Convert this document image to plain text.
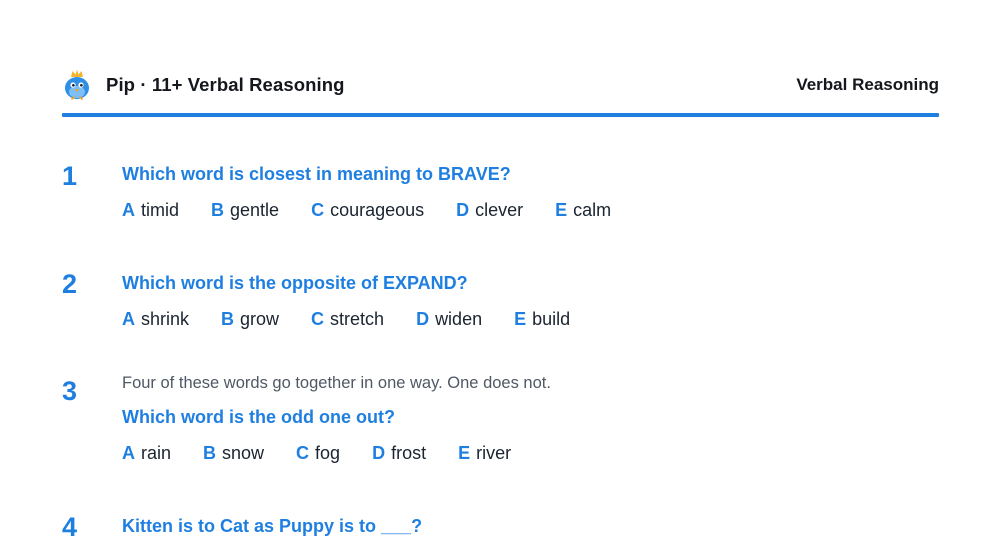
Pip · 11+ Verbal Reasoning	Verbal Reasoning
1 Which word is closest in meaning to BRAVE?
A timid B gentle C courageous D clever E calm
2 Which word is the opposite of EXPAND?
A shrink B grow C stretch D widen E build
3	Four of these words go together in one way. One does not.
Which word is the odd one out?
A rain B snow C fog D frost E river
4 Kitten is to Cat as Puppy is to ___?
